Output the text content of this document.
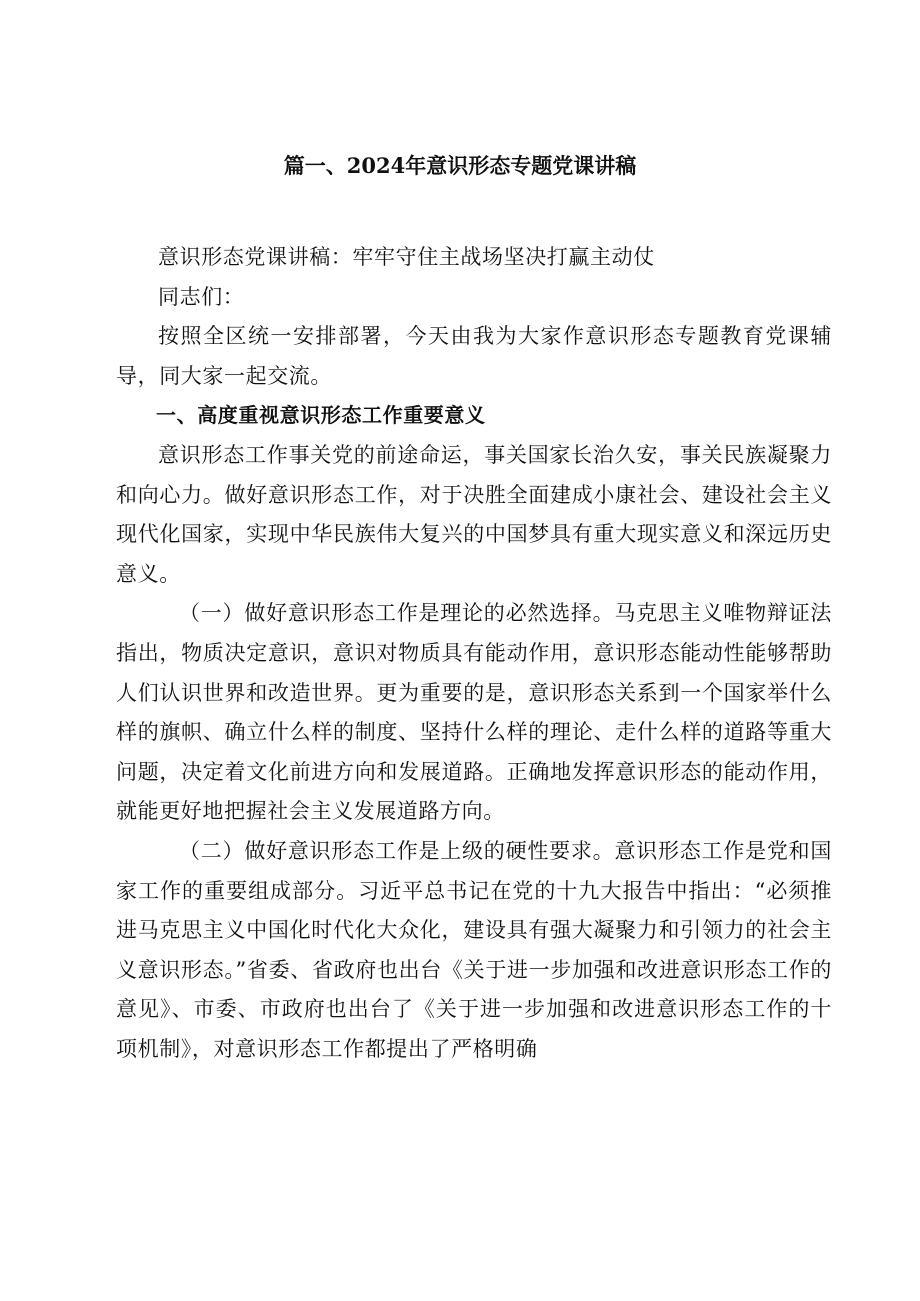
篇一、2024年意识形态专题党课讲稿

意识形态党课讲稿：牢牢守住主战场坚决打赢主动仗

同志们：

按照全区统一安排部署，今天由我为大家作意识形态专题教育党课辅导，同大家一起交流。

一、高度重视意识形态工作重要意义

意识形态工作事关党的前途命运，事关国家长治久安，事关民族凝聚力和向心力。做好意识形态工作，对于决胜全面建成小康社会、建设社会主义现代化国家，实现中华民族伟大复兴的中国梦具有重大现实意义和深远历史意义。

（一）做好意识形态工作是理论的必然选择。马克思主义唯物辩证法指出，物质决定意识，意识对物质具有能动作用，意识形态能动性能够帮助人们认识世界和改造世界。更为重要的是，意识形态关系到一个国家举什么样的旗帜、确立什么样的制度、坚持什么样的理论、走什么样的道路等重大问题，决定着文化前进方向和发展道路。正确地发挥意识形态的能动作用，就能更好地把握社会主义发展道路方向。

（二）做好意识形态工作是上级的硬性要求。意识形态工作是党和国家工作的重要组成部分。习近平总书记在党的十九大报告中指出：“必须推进马克思主义中国化时代化大众化，建设具有强大凝聚力和引领力的社会主义意识形态。”省委、省政府也出台《关于进一步加强和改进意识形态工作的意见》、市委、市政府也出台了《关于进一步加强和改进意识形态工作的十项机制》，对意识形态工作都提出了严格明确
